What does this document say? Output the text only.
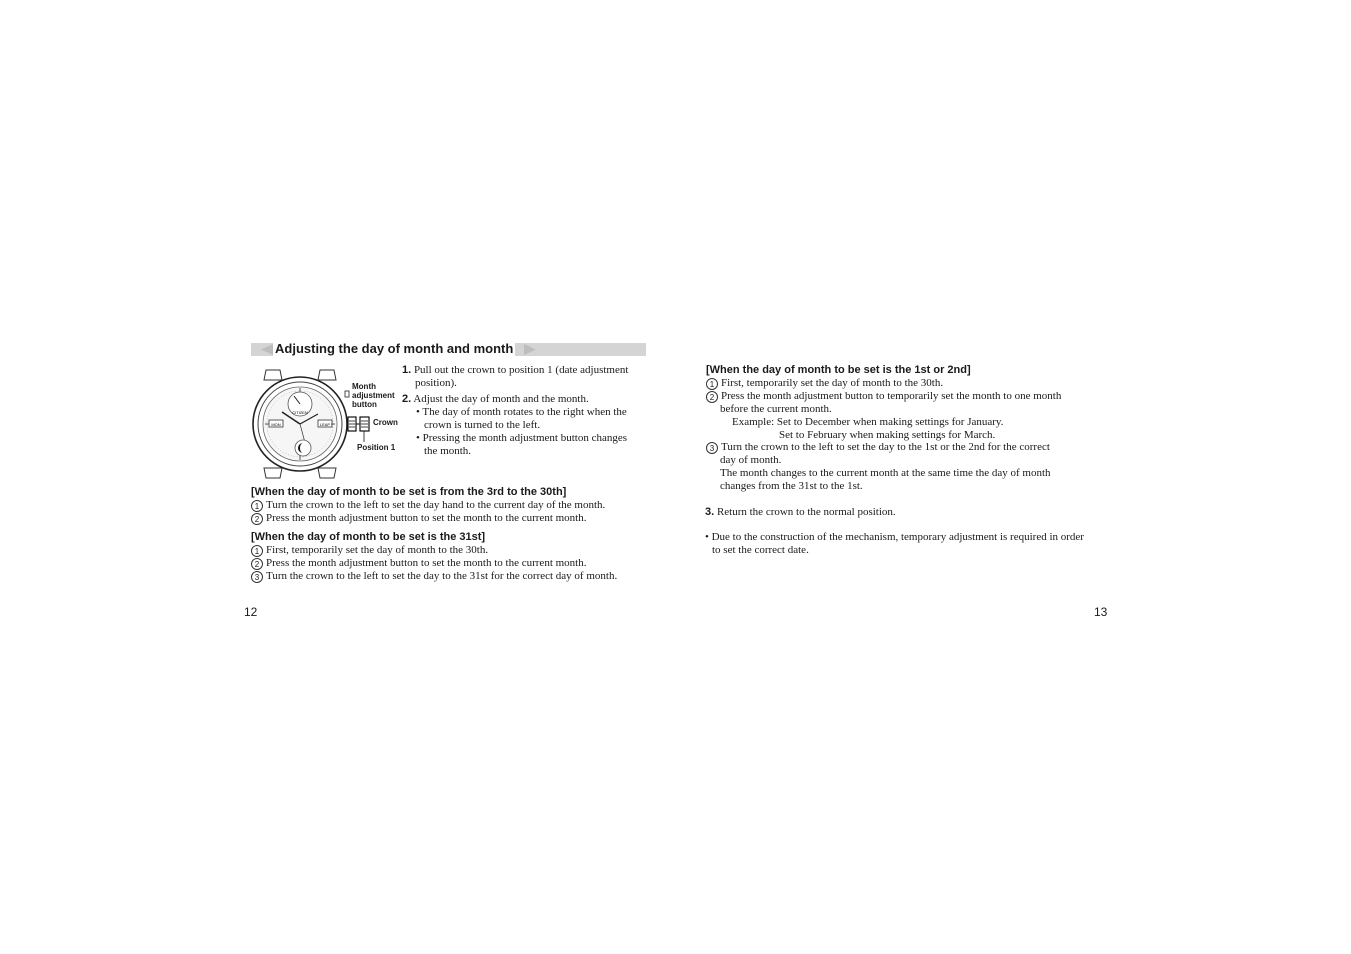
Adjusting the day of month and month
MON	LEAP
CITIZEN
Month
adjustment
button
Crown
Position 1
1. Pull out the crown to position 1 (date adjustment
position).
2. Adjust the day of month and the month.
• The day of month rotates to the right when the
crown is turned to the left.
• Pressing the month adjustment button changes
the month.
[When the day of month to be set is from the 3rd to the 30th]
1 Turn the crown to the left to set the day hand to the current day of the month.
2 Press the month adjustment button to set the month to the current month.
[When the day of month to be set is the 31st]
1 First, temporarily set the day of month to the 30th.
2 Press the month adjustment button to set the month to the current month.
3 Turn the crown to the left to set the day to the 31st for the correct day of month.
12
[When the day of month to be set is the 1st or 2nd]
1 First, temporarily set the day of month to the 30th.
2 Press the month adjustment button to temporarily set the month to one month
before the current month.
Example: Set to December when making settings for January.
Set to February when making settings for March.
3 Turn the crown to the left to set the day to the 1st or the 2nd for the correct
day of month.
The month changes to the current month at the same time the day of month
changes from the 31st to the 1st.
3. Return the crown to the normal position.
• Due to the construction of the mechanism, temporary adjustment is required in order
to set the correct date.
13
